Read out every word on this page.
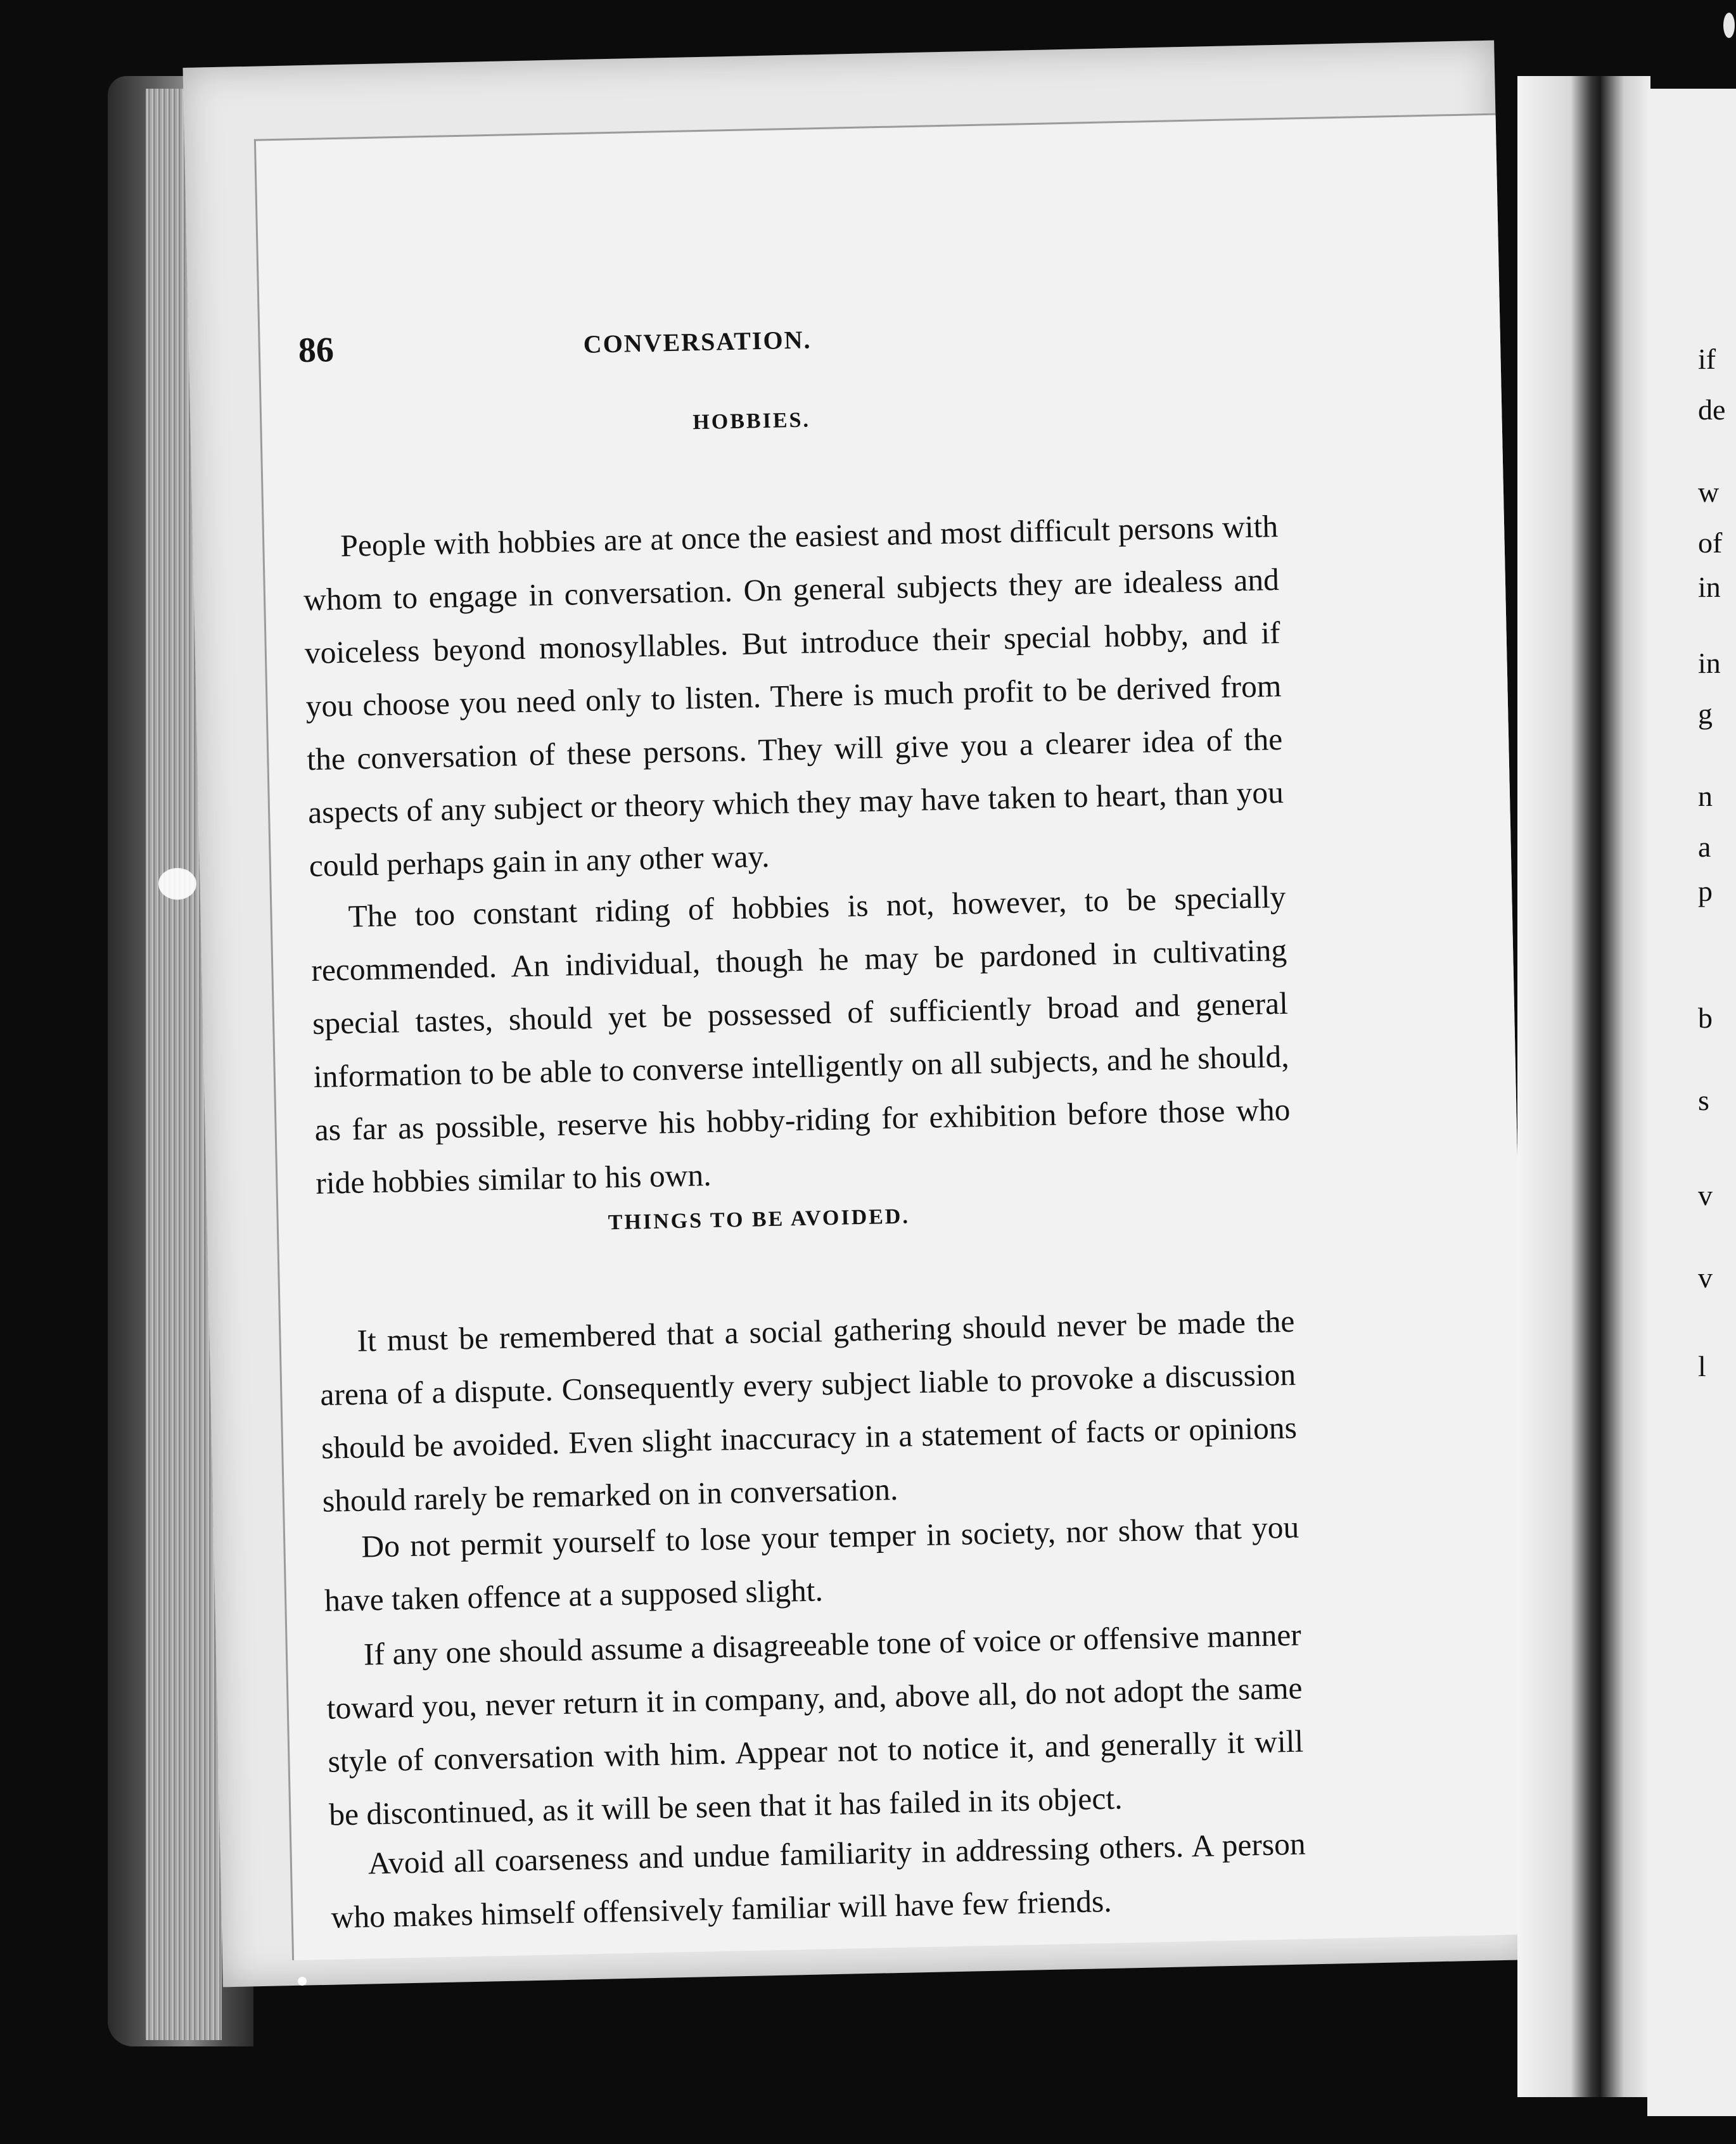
86	CONVERSATION.
HOBBIES.

People with hobbies are at once the easiest and most difficult persons with whom to engage in conversation. On general subjects they are idealess and voiceless beyond monosyllables. But introduce their special hobby, and if you choose you need only to listen. There is much profit to be derived from the conversation of these persons. They will give you a clearer idea of the aspects of any subject or theory which they may have taken to heart, than you could perhaps gain in any other way.

The too constant riding of hobbies is not, however, to be specially recommended. An individual, though he may be pardoned in cultivating special tastes, should yet be possessed of sufficiently broad and general information to be able to converse intelligently on all subjects, and he should, as far as possible, reserve his hobby-riding for exhibition before those who ride hobbies similar to his own.

THINGS TO BE AVOIDED.

It must be remembered that a social gathering should never be made the arena of a dispute. Consequently every subject liable to provoke a discussion should be avoided. Even slight inaccuracy in a statement of facts or opinions should rarely be remarked on in conversation.

Do not permit yourself to lose your temper in society, nor show that you have taken offence at a supposed slight.

If any one should assume a disagreeable tone of voice or offensive manner toward you, never return it in company, and, above all, do not adopt the same style of conversation with him. Appear not to notice it, and generally it will be discontinued, as it will be seen that it has failed in its object.

Avoid all coarseness and undue familiarity in addressing others. A person who makes himself offensively familiar will have few friends.

if
de
w
of
in
in
g
n
a
p
b
s
v
v
l
